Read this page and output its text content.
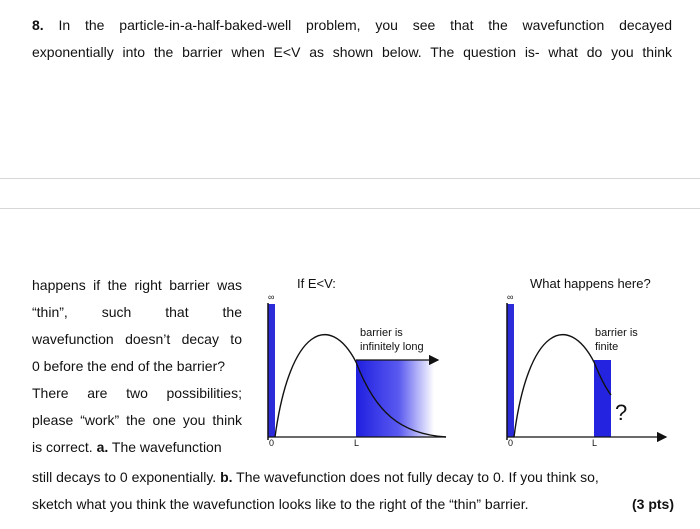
8. In the particle-in-a-half-baked-well problem, you see that the wavefunction decayed
exponentially into the barrier when E<V as shown below. The question is- what do you think
happens if the right barrier was
“thin”, such that the
wavefunction doesn’t decay to
0 before the end of the barrier?
There are two possibilities;
please “work” the one you think
is correct. a. The wavefunction
If E<V:
∞
barrier is
infinitely long
0	L
What happens here?
∞
barrier is
finite
?
0	L
still decays to 0 exponentially. b. The wavefunction does not fully decay to 0. If you think so,
sketch what you think the wavefunction looks like to the right of the “thin” barrier.	(3 pts)
